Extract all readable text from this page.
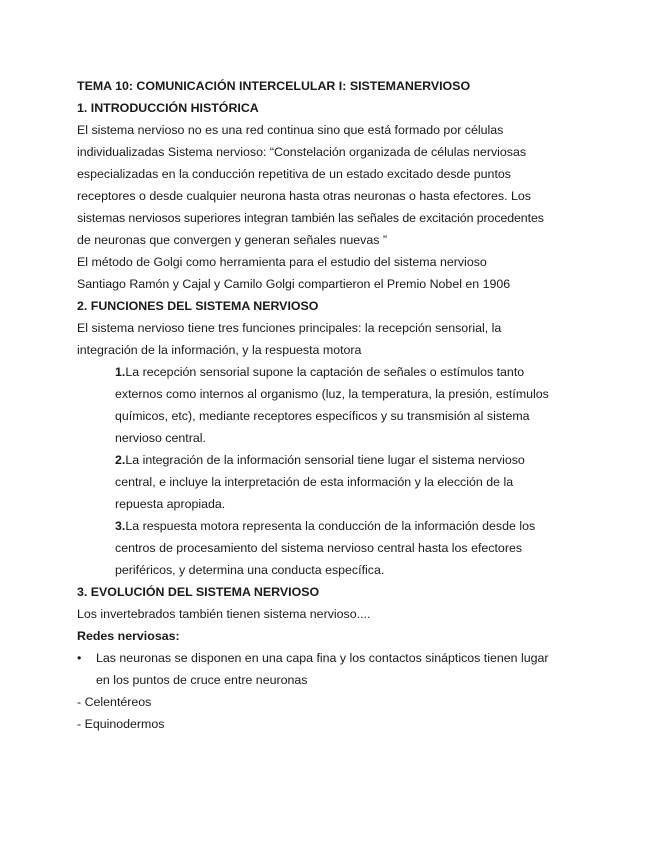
TEMA 10: COMUNICACIÓN INTERCELULAR I: SISTEMANERVIOSO
1. INTRODUCCIÓN HISTÓRICA
El sistema nervioso no es una red continua sino que está formado por células
individualizadas Sistema nervioso: “Constelación organizada de células nerviosas
especializadas en la conducción repetitiva de un estado excitado desde puntos
receptores o desde cualquier neurona hasta otras neuronas o hasta efectores. Los
sistemas nerviosos superiores integran también las señales de excitación procedentes
de neuronas que convergen y generan señales nuevas ”
El método de Golgi como herramienta para el estudio del sistema nervioso
Santiago Ramón y Cajal y Camilo Golgi compartieron el Premio Nobel en 1906
2. FUNCIONES DEL SISTEMA NERVIOSO
El sistema nervioso tiene tres funciones principales: la recepción sensorial, la
integración de la información, y la respuesta motora
1.La recepción sensorial supone la captación de señales o estímulos tanto
externos como internos al organismo (luz, la temperatura, la presión, estímulos
químicos, etc), mediante receptores específicos y su transmisión al sistema
nervioso central.
2.La integración de la información sensorial tiene lugar el sistema nervioso
central, e incluye la interpretación de esta información y la elección de la
repuesta apropiada.
3.La respuesta motora representa la conducción de la información desde los
centros de procesamiento del sistema nervioso central hasta los efectores
periféricos, y determina una conducta específica.
3. EVOLUCIÓN DEL SISTEMA NERVIOSO
Los invertebrados también tienen sistema nervioso....
Redes nerviosas:
• Las neuronas se disponen en una capa fina y los contactos sinápticos tienen lugar
en los puntos de cruce entre neuronas
- Celentéreos
- Equinodermos
